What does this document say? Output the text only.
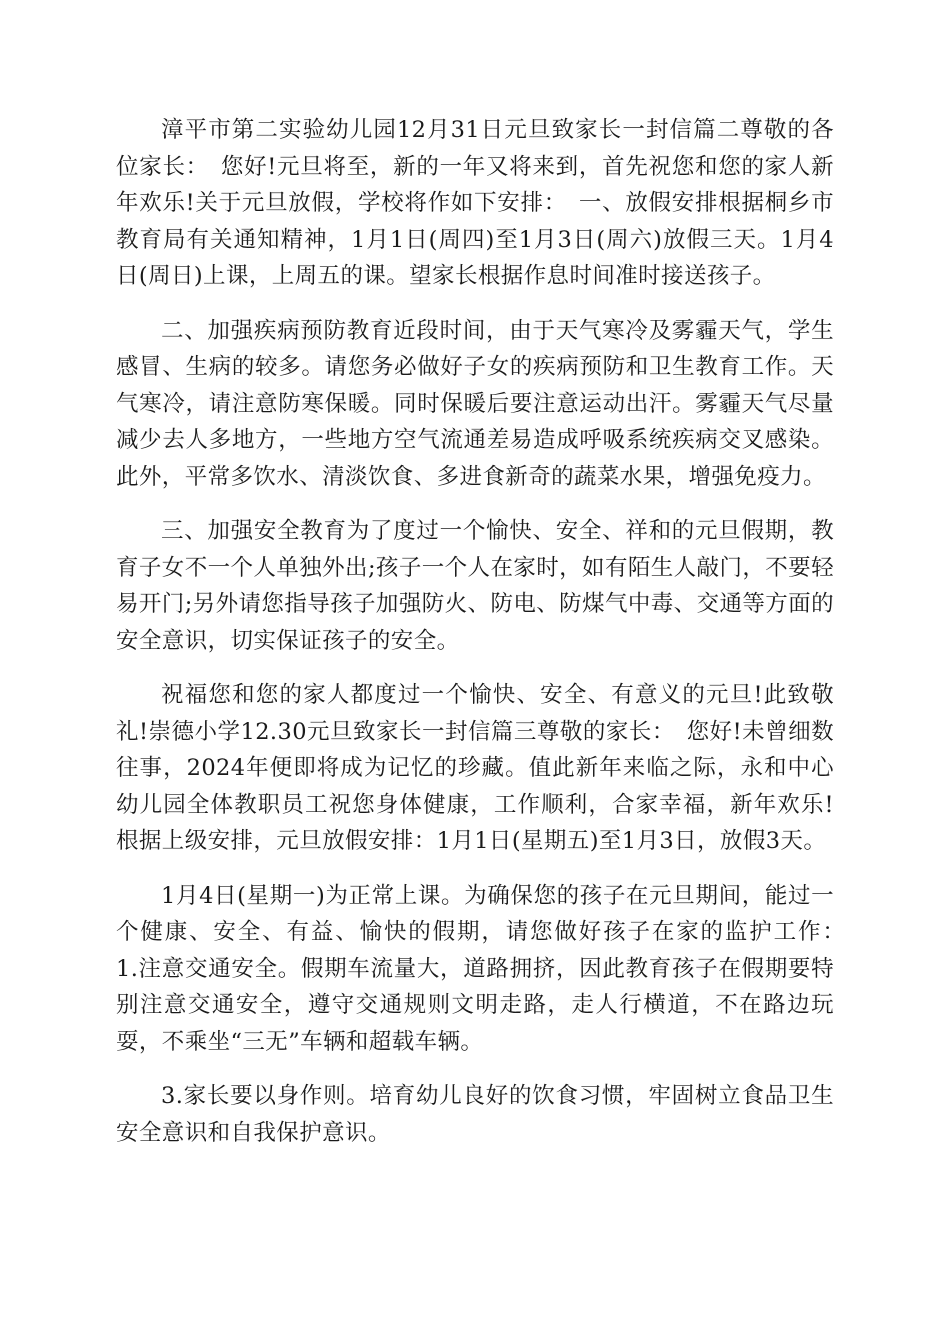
漳平市第二实验幼儿园12月31日元旦致家长一封信篇二尊敬的各位家长：　您好!元旦将至，新的一年又将来到，首先祝您和您的家人新年欢乐!关于元旦放假，学校将作如下安排：　一、放假安排根据桐乡市教育局有关通知精神，1月1日(周四)至1月3日(周六)放假三天。1月4日(周日)上课，上周五的课。望家长根据作息时间准时接送孩子。

二、加强疾病预防教育近段时间，由于天气寒冷及雾霾天气，学生感冒、生病的较多。请您务必做好子女的疾病预防和卫生教育工作。天气寒冷，请注意防寒保暖。同时保暖后要注意运动出汗。雾霾天气尽量减少去人多地方，一些地方空气流通差易造成呼吸系统疾病交叉感染。此外，平常多饮水、清淡饮食、多进食新奇的蔬菜水果，增强免疫力。

三、加强安全教育为了度过一个愉快、安全、祥和的元旦假期，教育子女不一个人单独外出;孩子一个人在家时，如有陌生人敲门，不要轻易开门;另外请您指导孩子加强防火、防电、防煤气中毒、交通等方面的安全意识，切实保证孩子的安全。

祝福您和您的家人都度过一个愉快、安全、有意义的元旦!此致敬礼!崇德小学12.30元旦致家长一封信篇三尊敬的家长：　您好!未曾细数往事，2024年便即将成为记忆的珍藏。值此新年来临之际，永和中心幼儿园全体教职员工祝您身体健康，工作顺利，合家幸福，新年欢乐!根据上级安排，元旦放假安排：1月1日(星期五)至1月3日，放假3天。

1月4日(星期一)为正常上课。为确保您的孩子在元旦期间，能过一个健康、安全、有益、愉快的假期，请您做好孩子在家的监护工作：　1.注意交通安全。假期车流量大，道路拥挤，因此教育孩子在假期要特别注意交通安全，遵守交通规则文明走路，走人行横道，不在路边玩耍，不乘坐“三无”车辆和超载车辆。

3.家长要以身作则。培育幼儿良好的饮食习惯，牢固树立食品卫生安全意识和自我保护意识。
